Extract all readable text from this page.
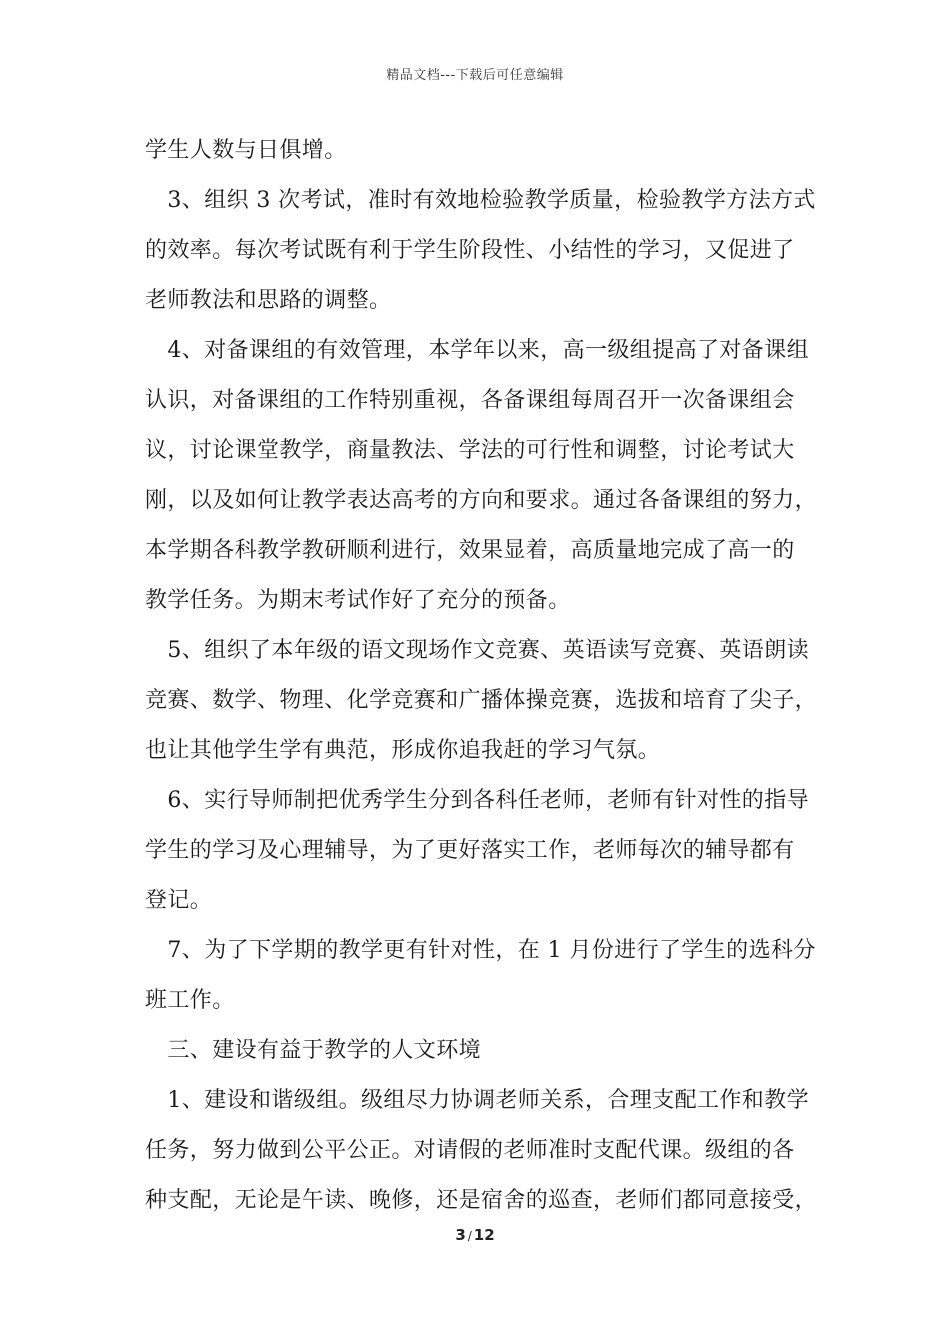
精品文档---下载后可任意编辑
学生人数与日俱增。
　3、组织 3 次考试，准时有效地检验教学质量，检验教学方法方式
的效率。每次考试既有利于学生阶段性、小结性的学习，又促进了
老师教法和思路的调整。
　4、对备课组的有效管理，本学年以来，高一级组提高了对备课组
认识，对备课组的工作特别重视，各备课组每周召开一次备课组会
议，讨论课堂教学，商量教法、学法的可行性和调整，讨论考试大
刚，以及如何让教学表达高考的方向和要求。通过各备课组的努力，
本学期各科教学教研顺利进行，效果显着，高质量地完成了高一的
教学任务。为期末考试作好了充分的预备。
　5、组织了本年级的语文现场作文竞赛、英语读写竞赛、英语朗读
竞赛、数学、物理、化学竞赛和广播体操竞赛，选拔和培育了尖子，
也让其他学生学有典范，形成你追我赶的学习气氛。
　6、实行导师制把优秀学生分到各科任老师，老师有针对性的指导
学生的学习及心理辅导，为了更好落实工作，老师每次的辅导都有
登记。
　7、为了下学期的教学更有针对性，在 1 月份进行了学生的选科分
班工作。
　三、建设有益于教学的人文环境
　1、建设和谐级组。级组尽力协调老师关系，合理支配工作和教学
任务，努力做到公平公正。对请假的老师准时支配代课。级组的各
种支配，无论是午读、晚修，还是宿舍的巡查，老师们都同意接受，
3 / 12
